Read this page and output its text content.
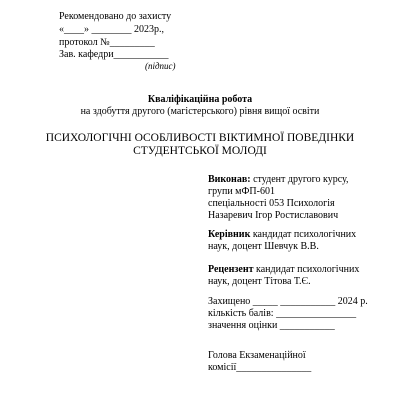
Рекомендовано до захисту
«____» ________ 2023р.,
протокол №_________
Зав. кафедри___________
(підпис)
Кваліфікаційна робота
на здобуття другого (магістерського) рівня вищої освіти
ПСИХОЛОГІЧНІ ОСОБЛИВОСТІ ВІКТИМНОЇ ПОВЕДІНКИ
СТУДЕНТСЬКОЇ МОЛОДІ
Виконав: студент другого курсу,
групи мФП-601
спеціальності 053 Психологія
Назаревич Ігор Ростиславович
Керівник кандидат психологічних
наук, доцент Шевчук В.В.
Рецензент кандидат психологічних
наук, доцент Тітова Т.Є.
Захищено _____ ___________ 2024 р.
кількість балів: ________________
значення оцінки ___________
Голова Екзаменаційної
комісії_______________
